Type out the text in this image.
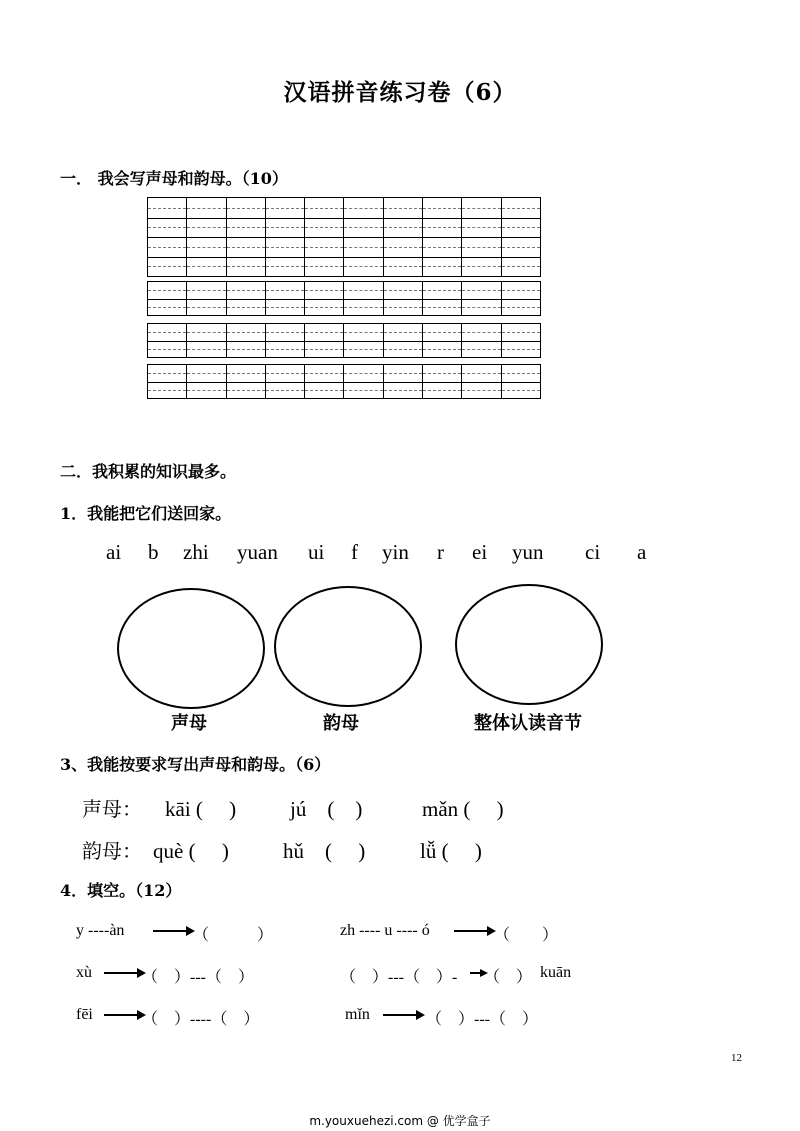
汉语拼音练习卷（6）
一． 我会写声母和韵母。（10）
二．我积累的知识最多。
1．我能把它们送回家。
ai b zhi yuan ui f yin r ei yun ci a
声母	韵母	整体认读音节
3、我能按要求写出声母和韵母。（6）
声母： kāi (　 )	jú　(　)	mǎn (　 )
韵母： què (　 )	hǔ　(　 )	lǚ (　 )
4．填空。（12）
y ----àn	（　　　）	zh ---- u ---- ó	（　　）
xù	（　）---（　）	（　）---（　）- （　） kuān
fēi	（　）----（　）	mǐn	（　）---（　）
12
m.youxuehezi.com @ 优学盒子
